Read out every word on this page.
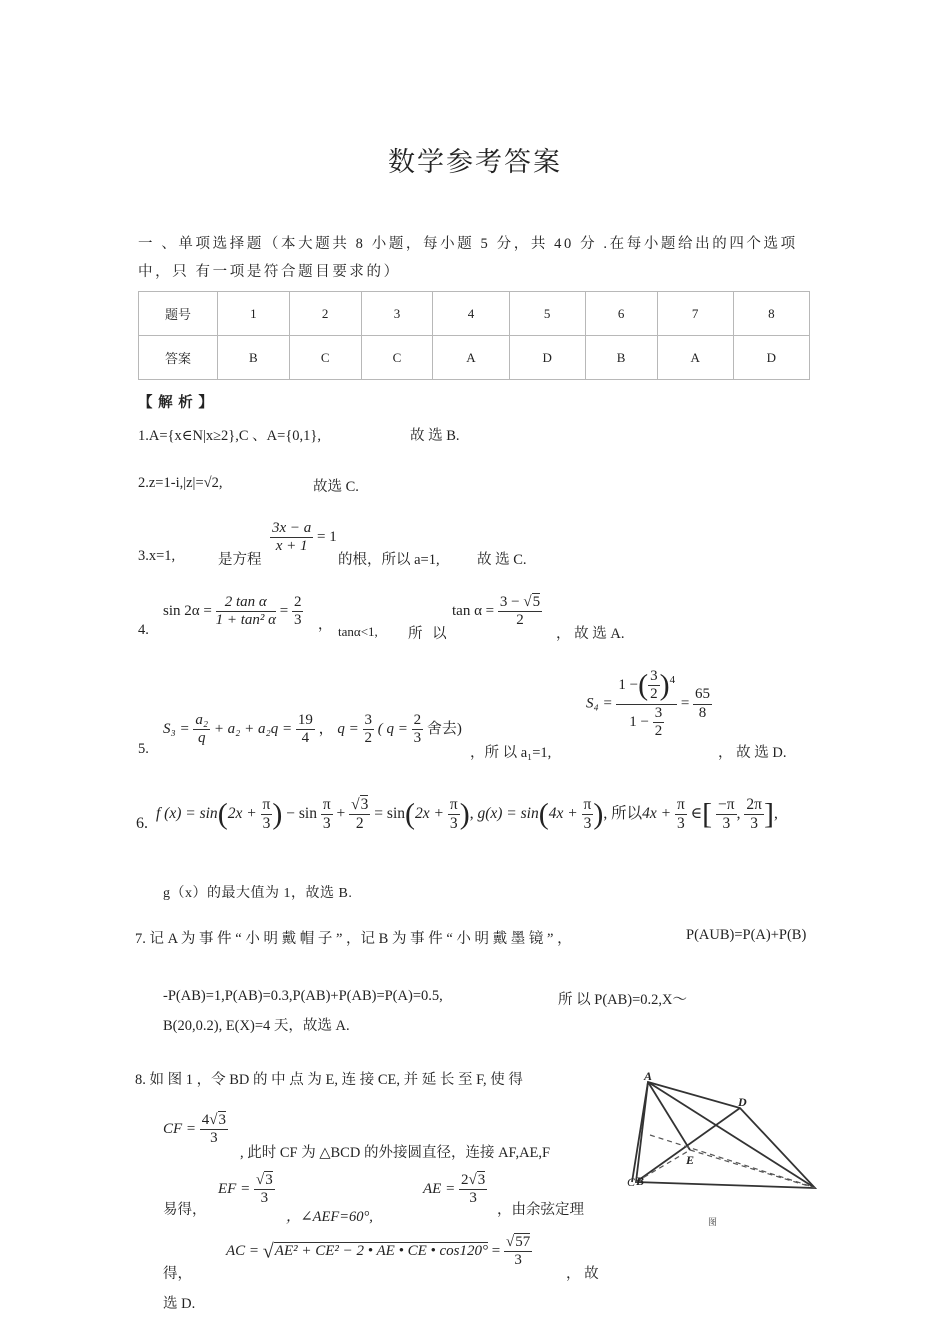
数学参考答案
一 、单项选择题（本大题共 8 小题，每小题 5 分，共 40 分 .在每小题给出的四个选项
中，只 有一项是符合题目要求的）
题号	1	2	3	4	5	6	7	8
答案	B	C	C	A	D	B	A	D
【 解 析 】
1.A={x∈N|x≥2},C 、A={0,1},	故 选 B.
2.z=1-i,|z|=√2,	故选 C.
3.x=1,	是方程
$\frac{3x - a}{x + 1} = 1$
的根，所以 a=1,	故 选 C.
4.
$\sin 2\alpha = \frac{\text{2 tan α}}{\text{1 + tan² α}} = \frac{2}{3}$ ， tanα<1, 所 以
$\tan \alpha = \frac{3 - √5}{2}$
， 故 选 A.
5.
$S_3 = \frac{\text{a₂}}{q} + a_2 + a_2q = \frac{19}{4}$ ， $q = \frac{3}{2}$ ( $q = \frac{2}{3}$ 舍去)
，所 以 a₁=1,
$S_4 = \frac{1 -( \frac{3}{2} )^4}{1 - \frac{3}{2}} = \frac{65}{8}$
， 故 选 D.
6.
f $(x) = \sin(2x + \frac{\pi}{3}$ ) − $\sin \frac{\pi}{3} + \frac{√3}{2} = \sin(2x + \frac{\pi}{3}$ ), $g(x) = \sin(4x + \frac{\pi}{3}$ ), 所以$4x + \frac{\pi}{3}$ ∈[ $\frac{-\pi}{3}$ , $\frac{2\pi}{3}$ ],
g（x）的最大值为 1，故选 B.
7. 记 A 为 事 件 “ 小 明 戴 帽 子 ” ，记 B 为 事 件 “ 小 明 戴 墨 镜 ” ，	P(AUB)=P(A)+P(B)
-P(AB)=1,P(AB)=0.3,P(AB)+P(AB)=P(A)=0.5,	所 以 P(AB)=0.2,X～
B(20,0.2), E(X)=4 天，故选 A.
8. 如 图 1 ，令 BD 的 中 点 为 E, 连 接 CE, 并 延 长 至 F, 使 得
CF = $\frac{4√3}{3}$
, 此时 CF 为 △BCD 的外接圆直径，连接 AF,AE,F
易得，
EF = $\frac{√3}{3}$
，∠AEF=60°,
AE = $\frac{2√3}{3}$
，由余弦定理
得，
AC = √AE² + CE² − 2 • AE • CE • $\cos 120^\circ = \frac{√57}{3}$
， 故
选 D.
A
B
C
D
E
图
